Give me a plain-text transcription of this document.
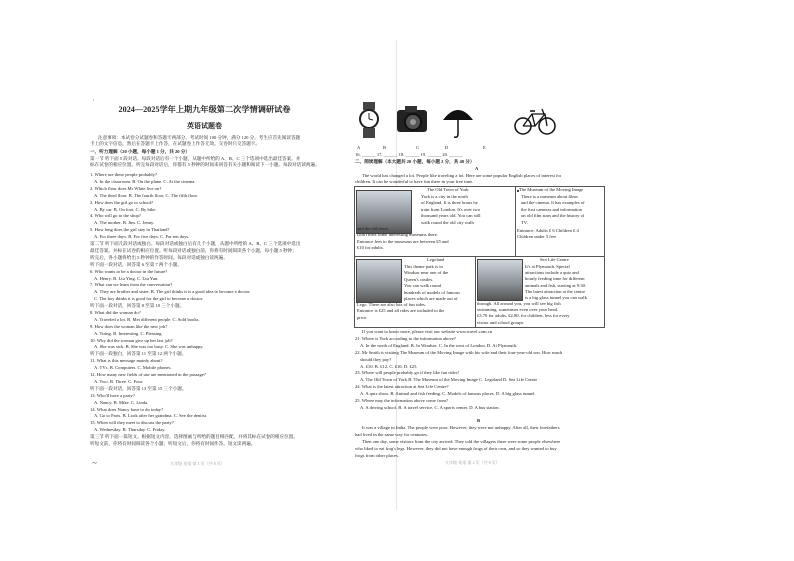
˙
2024—2025学年上期九年级第二次学情调研试卷
英语试题卷
注意事项：本试卷分试题卷和答题卡两部分。考试时间 100 分钟，满分 120 分。考生应首先阅读答题
卡上的文字信息，然后在答题卡上作答，在试题卷上作答无效。交卷时只交答题卡。
一、听力理解（20 小题，每小题 1 分，共 20 分）
第一节 听下面 5 段对话。每段对话后有一个小题，从题中所给的 A、B、C 三个选项中选出最佳答案。并
标在试卷的相应位置。听完每段对话后，你都有 5 秒钟的时间来回答有关小题和阅读下一小题。每段对话读两遍。
1. Where are these people probably?
A. In the classroom. B. On the plane. C. At the cinema.
2. Which floor does Mr White live on?
A. The third floor. B. The fourth floor. C. The fifth floor.
3. How does the girl go to school?
A. By car. B. On foot. C. By bike.
4. Who will go to the shop?
A. The mother. B. Jim. C. Jenny.
5. How long does the girl stay in Thailand?
A. For three days. B. For five days. C. For ten days.
第二节 听下面几段对话或独白。每段对话或独白后有几个小题，从题中所给的 A、B、C 三个选项中选出
最佳答案。并标在试卷的相应位置。听每段对话或独白前，你将有时间阅读各个小题，每小题 5 秒钟；
听完后，各小题将给出 5 秒钟的作答时间。每段对话或独白读两遍。
听下面一段对话，回答第 6 至第 7 两个小题。
6. Who wants to be a doctor in the future?
A. Henry. B. Liu Ying. C. Liu Yun.
7. What can we learn from the conversation?
A. They are brother and sister. B. The girl thinks it is a good idea to become a doctor.
C. The boy thinks it is good for the girl to become a doctor.
听下面一段对话，回答第 8 至第 10 三个小题。
8. What did the woman do?
A. Traveled a lot. B. Met different people. C. Sold books.
9. How does the woman like the new job?
A. Tiring. B. Interesting. C. Pleasing.
10. Why did the woman give up her last job?
A. She was sick. B. She was too busy. C. She was unhappy.
听下面一段独白，回答第 11 至第 12 两个小题。
11. What is this message mainly about?
A. TVs. B. Computers. C. Mobile phones.
12. How many new fields of use are mentioned in the passage?
A. Two. B. Three. C. Four.
听下面一段对话，回答第 13 至第 15 三个小题。
13. Who'll have a party?
A. Nancy. B. Mike. C. Linda.
14. What does Nancy have to do today?
A. Go to Paris. B. Look after her grandma. C. See the dentist.
15. When will they meet to discuss the party?
A. Wednesday. B. Thursday. C. Friday.
第三节 听下面一篇短文。根据短文内容，选择图画与所给的题目相匹配，并将其标在试卷的相应位置。
听短文前，你将有时间阅读各个小题；听短文后，你将有时间作答。短文读两遍。
~	九年级·英语·第 1 页（共 8 页）
A	B	C	D	E
16. ______ 17. ______ 18. ______ 19. ______ 20. ______
二、阅读理解（本大题共 20 小题，每小题 2 分，共 40 分）
A
The world has changed a lot. People like traveling a lot. Here are some popular English places of interest for
children. It can be wonderful to have fun there in your free time.
The Old Town of York
York is a city in the north
of England. It is three hours by
train from London. It's over two
thousand years old. You can still
walk round the old city walls
and the old town.
Don't miss some interesting museums there.
Entrance fees to the museums are between £5 and
£10 for adults.
The Museum of the Moving Image
There is a museum about films
and the cinema. It has examples of
the first cameras and information
on old film stars and the history of
TV.
Entrance: Adults £ 6 Children £ 4
Children under 5 free
Legoland
This theme park is in
Windsor near one of the
Queen's castles.
You can walk round
hundreds of models of famous
places which are made out of
Lego. There are also lots of fun rides.
Entrance is £25 and all rides are included in the
price.
Sea Life Centre
It's at Plymouth. Special
attractions include a quiz and
hourly feeding time for different
animals and fish, starting at 9:30.
The latest attraction at the centre
is a big glass tunnel you can walk
through. All around you, you will see big fish
swimming, sometimes even over your head.
£3.70 for adults, £2.80, for children, less for every
visitor and school groups.
If you want to know more, please visit our website www.travel.com.cn
21. Where is York according to the information above?
A. In the north of England. B. In Windsor. C. In the west of London. D. At Plymouth.
22. Mr Smith is visiting The Museum of the Moving Image with his wife and their four-year-old son. How much
should they pay?
A. £10. B. £12. C. £16. D. £25.
23. Where will people probably go if they like fun rides?
A. The Old Town of York B. The Museum of the Moving Image C. Legoland D. Sea Life Centre
24. What is the latest attraction at Sea Life Centre?
A. A quiz show. B. Animal and fish feeding. C. Models of famous places. D. A big glass tunnel.
25. Where may the information above come from?
A. A driving school. B. A travel service. C. A sports center. D. A bus station.
B
It was a village in India. The people were poor. However, they were not unhappy. After all, their forefathers
had lived in the same way for centuries.
Then one day, some visitors from the city arrived. They told the villagers there were some people elsewhere
who liked to eat frog's legs. However, they did not have enough frogs of their own, and so they wanted to buy
frogs from other places.
九年级·英语·第 2 页（共 8 页）
